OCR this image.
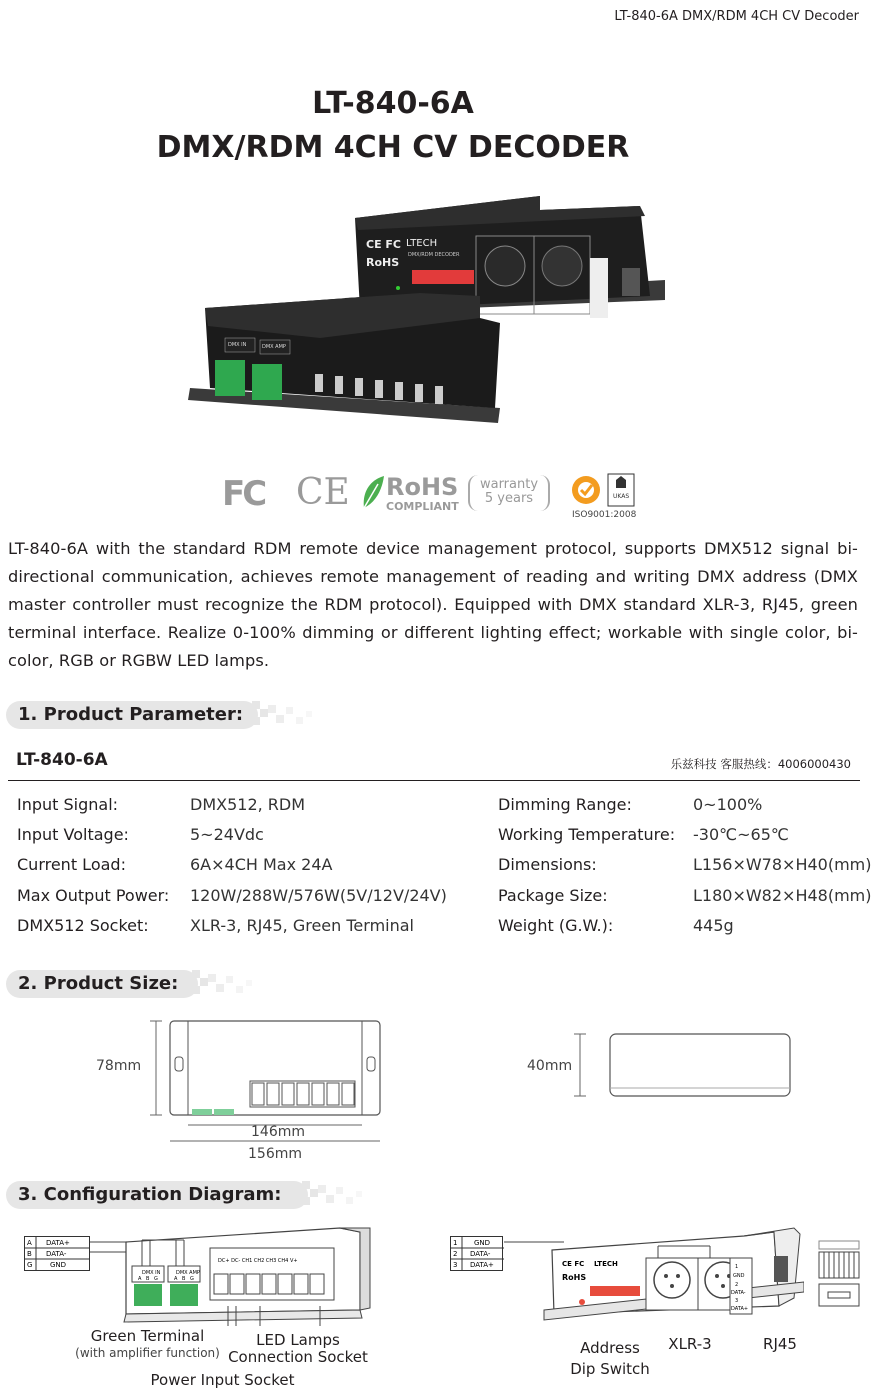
LT-840-6A DMX/RDM 4CH CV Decoder
LT-840-6A
DMX/RDM 4CH CV DECODER
CE FC LTECH
DMX/RDM DECODER
RoHS
DMX IN	DMX AMP
FC CE RoHS
COMPLIANT
warranty
5 years	UKAS
ISO9001:2008
LT-840-6A with the standard RDM remote device management protocol, supports DMX512 signal bi-directional communication, achieves remote management of reading and writing DMX address (DMX master controller must recognize the RDM protocol). Equipped with DMX standard XLR-3, RJ45, green terminal interface. Realize 0-100% dimming or different lighting effect; workable with single color, bi-color, RGB or RGBW LED lamps.
1. Product Parameter:
LT-840-6A	乐兹科技 客服热线：4006000430
Input Signal:	DMX512, RDM
Input Voltage:	5~24Vdc
Current Load:	6A×4CH Max 24A
Max Output Power: 120W/288W/576W(5V/12V/24V)
DMX512 Socket:	XLR-3, RJ45, Green Terminal
Dimming Range:	0~100%
Working Temperature: -30℃~65℃
Dimensions:	L156×W78×H40(mm)
Package Size:	L180×W82×H48(mm)
Weight (G.W.):	445g
2. Product Size:
78mm
146mm
156mm
40mm
3. Configuration Diagram:
A DATA+
B DATA-
G	GND
DMX IN	DMX AMP
A B G	A B G
DC+ DC- CH1 CH2 CH3 CH4 V+
Green Terminal
(with amplifier function)
LED Lamps
Connection Socket
Power Input Socket
1 GND
2 DATA-
3 DATA+	CE FC LTECH
RoHS
1
GND
2
DATA-
3
DATA+
Address
Dip Switch
XLR-3	RJ45
